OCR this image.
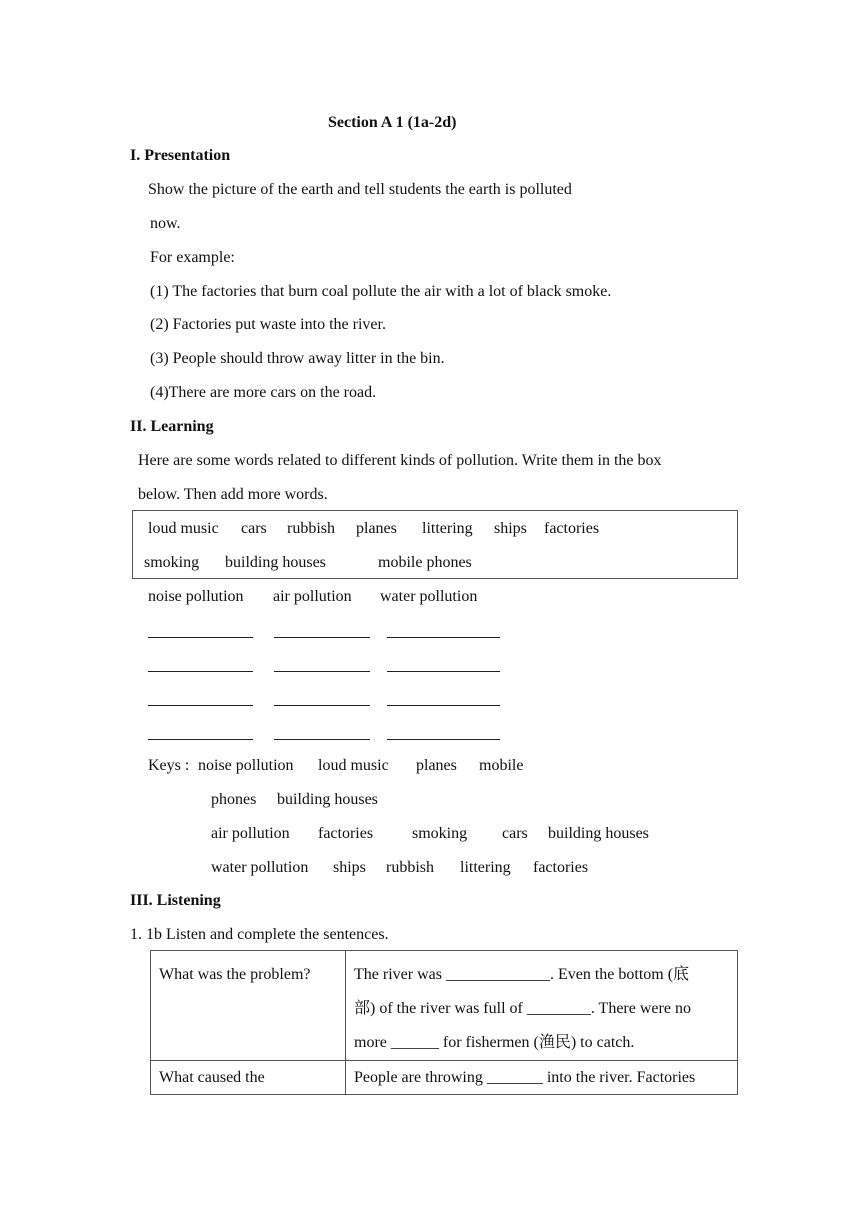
Section A 1 (1a-2d)
I. Presentation
Show the picture of the earth and tell students the earth is polluted
now.
For example:
(1) The factories that burn coal pollute the air with a lot of black smoke.
(2) Factories put waste into the river.
(3) People should throw away litter in the bin.
(4)There are more cars on the road.
II. Learning
Here are some words related to different kinds of pollution. Write them in the box
below. Then add more words.
loud music cars rubbish planes littering ships factories
smoking building houses	mobile phones
noise pollution air pollution water pollution
Keys : noise pollution loud music planes mobile
phones building houses
air pollution factories smoking cars building houses
water pollution ships rubbish littering factories
III. Listening
1. 1b Listen and complete the sentences.
What was the problem?	The river was _____________. Even the bottom (底
部) of the river was full of ________. There were no
more ______ for fishermen (渔民) to catch.

What caused the	People are throwing _______ into the river. Factories
